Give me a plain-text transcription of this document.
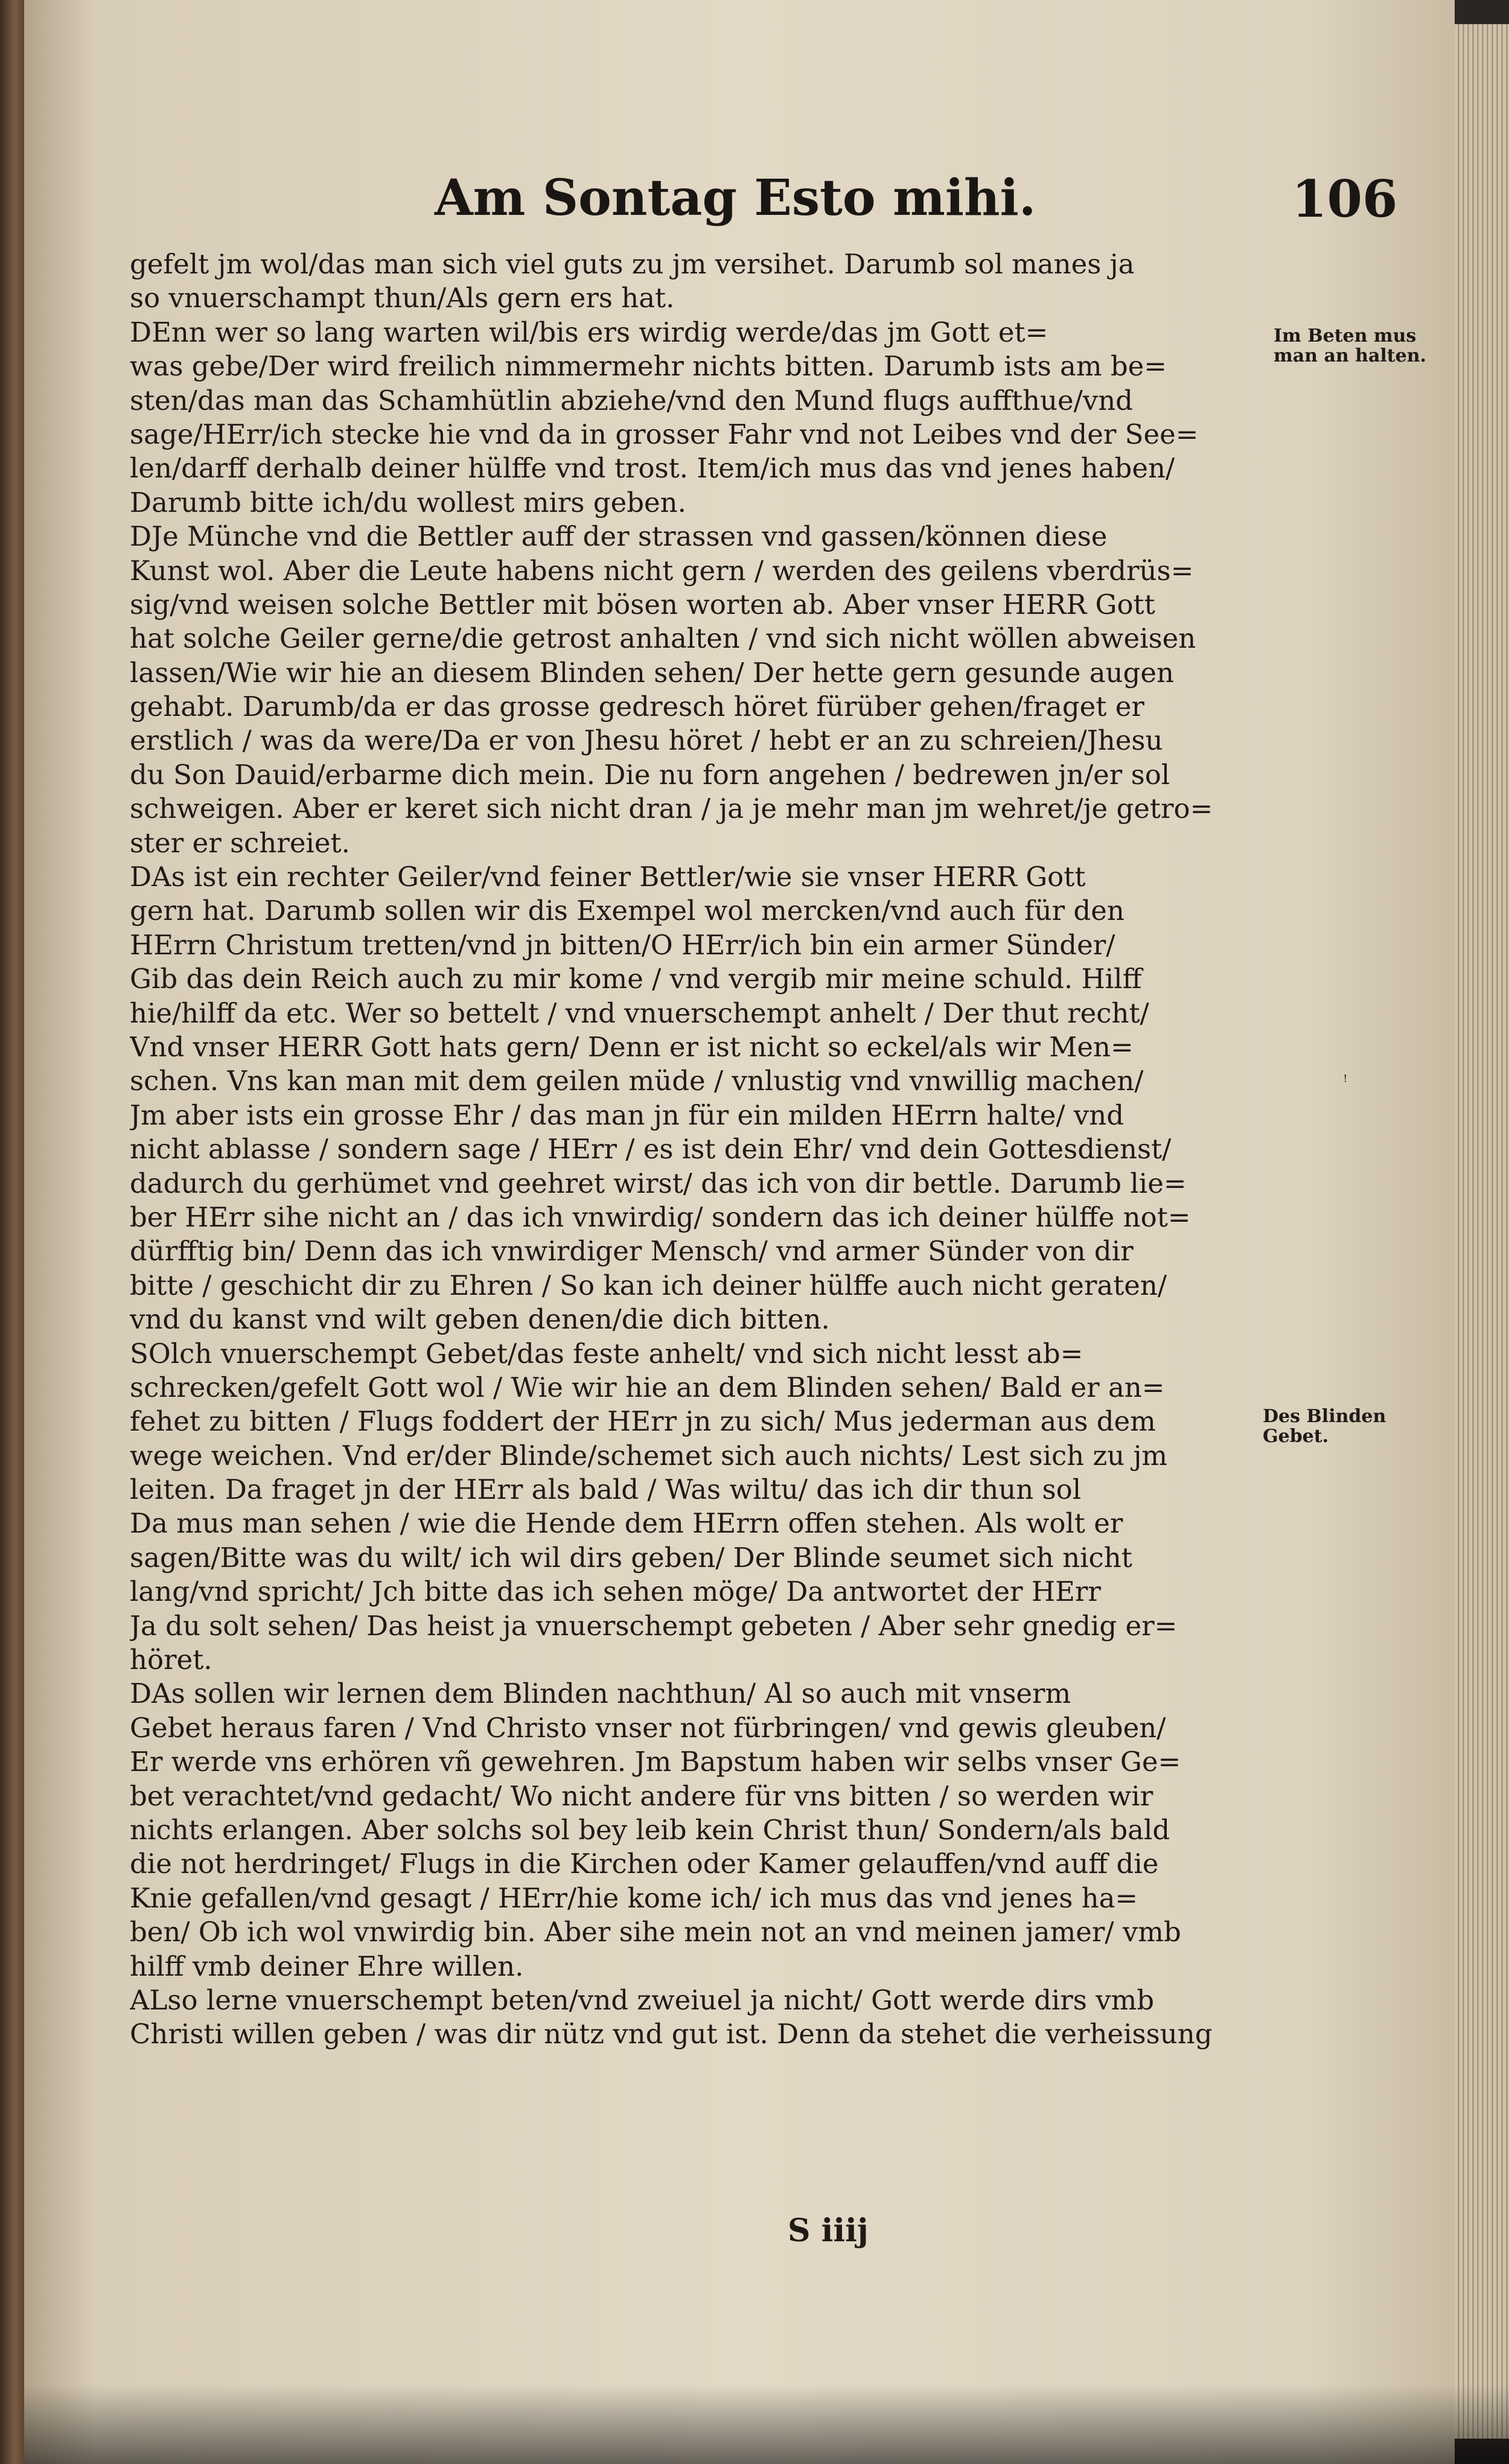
Am Sontag Esto mihi.	106
gefelt jm wol/das man sich viel guts zu jm versihet. Darumb sol manes ja
so vnuerschampt thun/Als gern ers hat.
DEnn wer so lang warten wil/bis ers wirdig werde/das jm Gott et=
was gebe/Der wird freilich nimmermehr nichts bitten. Darumb ists am be=
sten/das man das Schamhütlin abziehe/vnd den Mund flugs auffthue/vnd
sage/HErr/ich stecke hie vnd da in grosser Fahr vnd not Leibes vnd der See=
len/darff derhalb deiner hülffe vnd trost. Item/ich mus das vnd jenes haben/
Darumb bitte ich/du wollest mirs geben.
DJe Münche vnd die Bettler auff der strassen vnd gassen/können diese
Kunst wol. Aber die Leute habens nicht gern / werden des geilens vberdrüs=
sig/vnd weisen solche Bettler mit bösen worten ab. Aber vnser HERR Gott
hat solche Geiler gerne/die getrost anhalten / vnd sich nicht wöllen abweisen
lassen/Wie wir hie an diesem Blinden sehen/ Der hette gern gesunde augen
gehabt. Darumb/da er das grosse gedresch höret fürüber gehen/fraget er
erstlich / was da were/Da er von Jhesu höret / hebt er an zu schreien/Jhesu
du Son Dauid/erbarme dich mein. Die nu forn angehen / bedrewen jn/er sol
schweigen. Aber er keret sich nicht dran / ja je mehr man jm wehret/je getro=
ster er schreiet.
DAs ist ein rechter Geiler/vnd feiner Bettler/wie sie vnser HERR Gott
gern hat. Darumb sollen wir dis Exempel wol mercken/vnd auch für den
HErrn Christum tretten/vnd jn bitten/O HErr/ich bin ein armer Sünder/
Gib das dein Reich auch zu mir kome / vnd vergib mir meine schuld. Hilff
hie/hilff da etc. Wer so bettelt / vnd vnuerschempt anhelt / Der thut recht/
Vnd vnser HERR Gott hats gern/ Denn er ist nicht so eckel/als wir Men=
schen. Vns kan man mit dem geilen müde / vnlustig vnd vnwillig machen/
Jm aber ists ein grosse Ehr / das man jn für ein milden HErrn halte/ vnd
nicht ablasse / sondern sage / HErr / es ist dein Ehr/ vnd dein Gottesdienst/
dadurch du gerhümet vnd geehret wirst/ das ich von dir bettle. Darumb lie=
ber HErr sihe nicht an / das ich vnwirdig/ sondern das ich deiner hülffe not=
dürfftig bin/ Denn das ich vnwirdiger Mensch/ vnd armer Sünder von dir
bitte / geschicht dir zu Ehren / So kan ich deiner hülffe auch nicht geraten/
vnd du kanst vnd wilt geben denen/die dich bitten.
SOlch vnuerschempt Gebet/das feste anhelt/ vnd sich nicht lesst ab=
schrecken/gefelt Gott wol / Wie wir hie an dem Blinden sehen/ Bald er an=
fehet zu bitten / Flugs foddert der HErr jn zu sich/ Mus jederman aus dem
wege weichen. Vnd er/der Blinde/schemet sich auch nichts/ Lest sich zu jm
leiten. Da fraget jn der HErr als bald / Was wiltu/ das ich dir thun sol
Da mus man sehen / wie die Hende dem HErrn offen stehen. Als wolt er
sagen/Bitte was du wilt/ ich wil dirs geben/ Der Blinde seumet sich nicht
lang/vnd spricht/ Jch bitte das ich sehen möge/ Da antwortet der HErr
Ja du solt sehen/ Das heist ja vnuerschempt gebeten / Aber sehr gnedig er=
höret.
DAs sollen wir lernen dem Blinden nachthun/ Al so auch mit vnserm
Gebet heraus faren / Vnd Christo vnser not fürbringen/ vnd gewis gleuben/
Er werde vns erhören vñ gewehren. Jm Bapstum haben wir selbs vnser Ge=
bet verachtet/vnd gedacht/ Wo nicht andere für vns bitten / so werden wir
nichts erlangen. Aber solchs sol bey leib kein Christ thun/ Sondern/als bald
die not herdringet/ Flugs in die Kirchen oder Kamer gelauffen/vnd auff die
Knie gefallen/vnd gesagt / HErr/hie kome ich/ ich mus das vnd jenes ha=
ben/ Ob ich wol vnwirdig bin. Aber sihe mein not an vnd meinen jamer/ vmb
hilff vmb deiner Ehre willen.
ALso lerne vnuerschempt beten/vnd zweiuel ja nicht/ Gott werde dirs vmb
Christi willen geben / was dir nütz vnd gut ist. Denn da stehet die verheissung
Im Beten mus man an halten.
Des Blinden Gebet.
ꜝ
S iiij
